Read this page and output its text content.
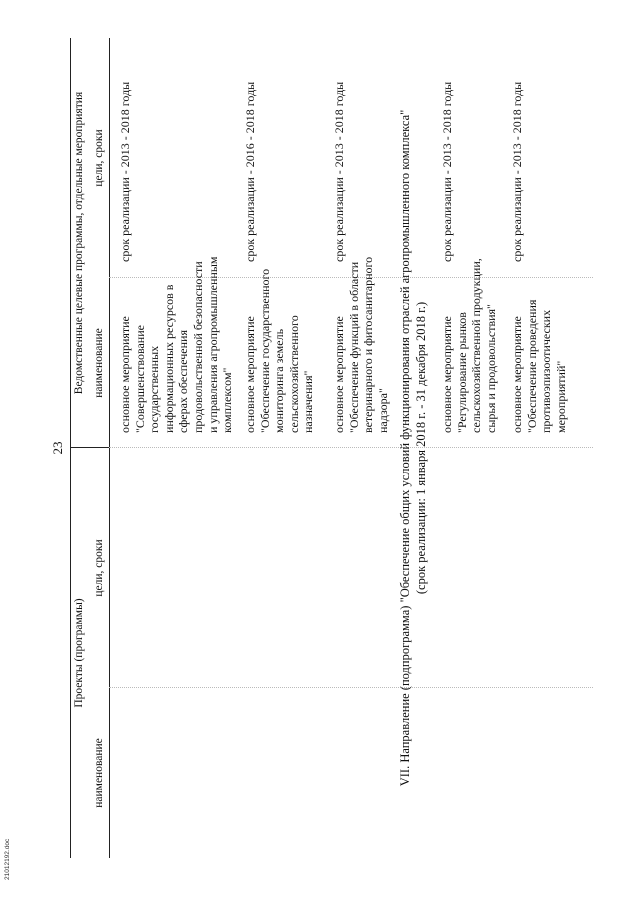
23
Проекты (программы)
Ведомственные целевые программы, отдельные мероприятия
наименование
цели, сроки
наименование
цели, сроки
основное мероприятие "Совершенствование государственных информационных ресурсов в сферах обеспечения продовольственной безопасности и управления агропромышленным комплексом"
срок реализации - 2013 - 2018 годы
основное мероприятие "Обеспечение государственного мониторинга земель сельскохозяйственного назначения"
срок реализации - 2016 - 2018 годы
основное мероприятие "Обеспечение функций в области ветеринарного и фитосанитарного надзора"
срок реализации - 2013 - 2018 годы	VII. Направление (подпрограмма) "Обеспечение общих условий функционирования отраслей агропромышленного комплекса" (срок реализации: 1 января 2018 г. - 31 декабря 2018 г.) основное мероприятие "Регулирование рынков сельскохозяйственной продукции, сырья и продовольствия"
срок реализации - 2013 - 2018 годы
основное мероприятие "Обеспечение проведения противоэпизоотических мероприятий"
срок реализации - 2013 - 2018 годы
21012192.doc
